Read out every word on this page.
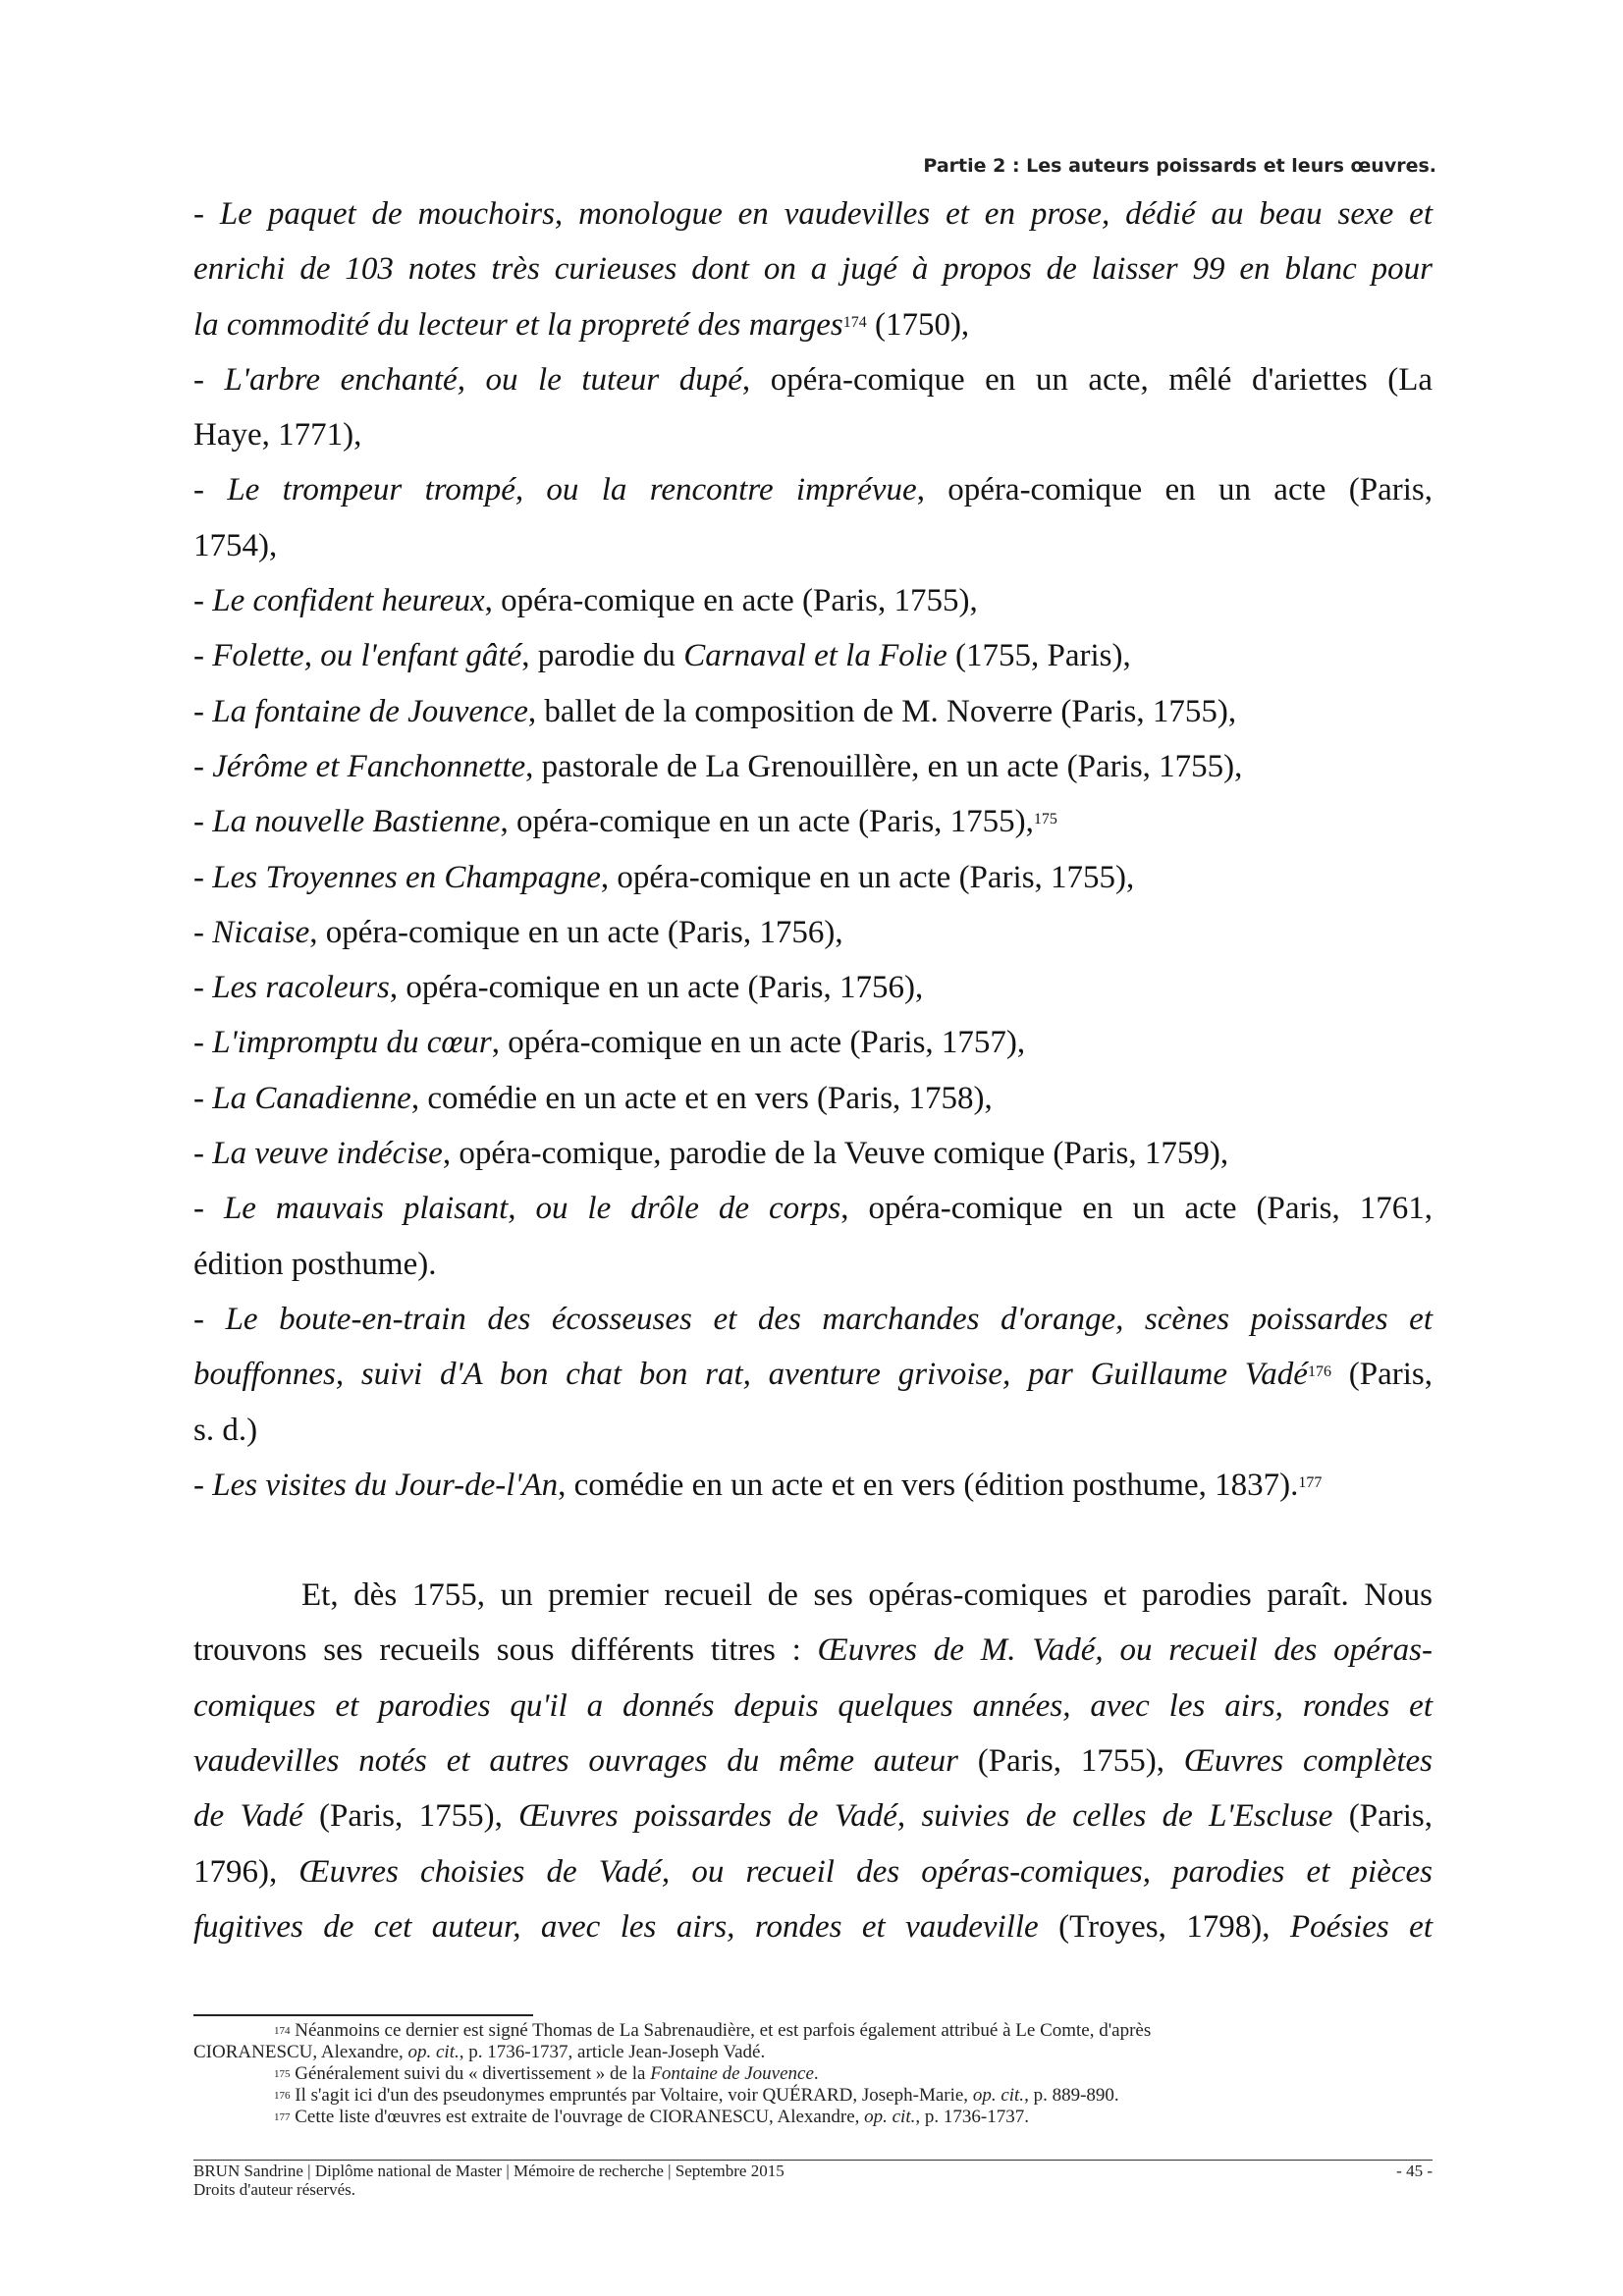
Partie 2 : Les auteurs poissards et leurs œuvres.
- Le paquet de mouchoirs, monologue en vaudevilles et en prose, dédié au beau sexe et
enrichi de 103 notes très curieuses dont on a jugé à propos de laisser 99 en blanc pour
la commodité du lecteur et la propreté des marges$^{174}$ (1750),
- L'arbre enchanté, ou le tuteur dupé, opéra-comique en un acte, mêlé d'ariettes (La
Haye, 1771),
- Le trompeur trompé, ou la rencontre imprévue, opéra-comique en un acte (Paris,
1754),
- Le confident heureux, opéra-comique en acte (Paris, 1755),
- Folette, ou l'enfant gâté, parodie du Carnaval et la Folie (1755, Paris),
- La fontaine de Jouvence, ballet de la composition de M. Noverre (Paris, 1755),
- Jérôme et Fanchonnette, pastorale de La Grenouillère, en un acte (Paris, 1755),
- La nouvelle Bastienne, opéra-comique en un acte (Paris, 1755),$^{175}$
- Les Troyennes en Champagne, opéra-comique en un acte (Paris, 1755),
- Nicaise, opéra-comique en un acte (Paris, 1756),
- Les racoleurs, opéra-comique en un acte (Paris, 1756),
- L'impromptu du cœur, opéra-comique en un acte (Paris, 1757),
- La Canadienne, comédie en un acte et en vers (Paris, 1758),
- La veuve indécise, opéra-comique, parodie de la Veuve comique (Paris, 1759),
- Le mauvais plaisant, ou le drôle de corps, opéra-comique en un acte (Paris, 1761,
édition posthume).
- Le boute-en-train des écosseuses et des marchandes d'orange, scènes poissardes et
bouffonnes, suivi d'A bon chat bon rat, aventure grivoise, par Guillaume Vadé$^{176}$ (Paris,
s. d.)
- Les visites du Jour-de-l'An, comédie en un acte et en vers (édition posthume, 1837).$^{177}$
Et, dès 1755, un premier recueil de ses opéras-comiques et parodies paraît. Nous
trouvons ses recueils sous différents titres : Œuvres de M. Vadé, ou recueil des opéras-
comiques et parodies qu'il a donnés depuis quelques années, avec les airs, rondes et
vaudevilles notés et autres ouvrages du même auteur (Paris, 1755), Œuvres complètes
de Vadé (Paris, 1755), Œuvres poissardes de Vadé, suivies de celles de L'Escluse (Paris,
1796), Œuvres choisies de Vadé, ou recueil des opéras-comiques, parodies et pièces
fugitives de cet auteur, avec les airs, rondes et vaudeville (Troyes, 1798), Poésies et
$^{174}$ Néanmoins ce dernier est signé Thomas de La Sabrenaudière, et est parfois également attribué à Le Comte, d'après
CIORANESCU, Alexandre, op. cit., p. 1736-1737, article Jean-Joseph Vadé.
$^{175}$ Généralement suivi du « divertissement » de la Fontaine de Jouvence.
$^{176}$ Il s'agit ici d'un des pseudonymes empruntés par Voltaire, voir QUÉRARD, Joseph-Marie, op. cit., p. 889-890.
$^{177}$ Cette liste d'œuvres est extraite de l'ouvrage de CIORANESCU, Alexandre, op. cit., p. 1736-1737.
BRUN Sandrine | Diplôme national de Master | Mémoire de recherche | Septembre 2015
Droits d'auteur réservés.
- 45 -
